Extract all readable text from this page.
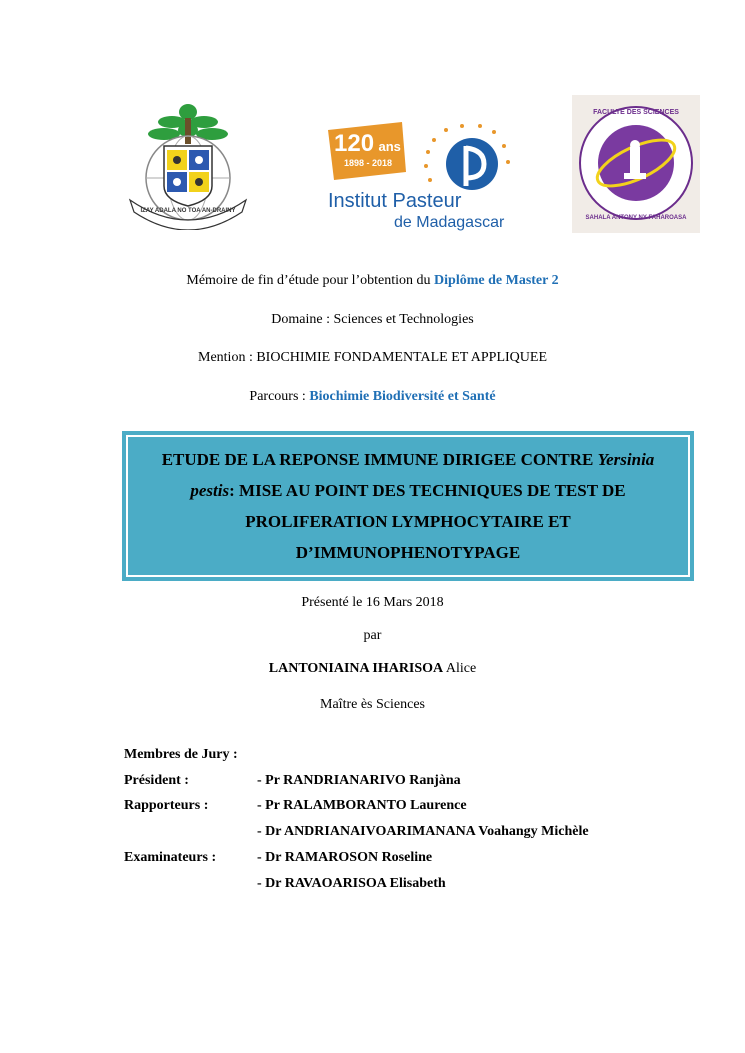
IZAY ADALA NO TOA AN-DRAINY
120 ans
1898 - 2018
Institut Pasteur
de Madagascar
FACULTE DES SCIENCES
SAHALA ANTONY NY FAHAROASA
Mémoire de fin d’étude pour l’obtention du Diplôme de Master 2
Domaine : Sciences et Technologies
Mention : BIOCHIMIE FONDAMENTALE ET APPLIQUEE
Parcours : Biochimie Biodiversité et Santé
ETUDE DE LA REPONSE IMMUNE DIRIGEE CONTRE Yersinia pestis: MISE AU POINT DES TECHNIQUES DE TEST DE PROLIFERATION LYMPHOCYTAIRE ET D’IMMUNOPHENOTYPAGE
Présenté le 16 Mars 2018
par
LANTONIAINA IHARISOA Alice
Maître ès Sciences
Membres de Jury :
Président :	- Pr RANDRIANARIVO Ranjàna
Rapporteurs :	- Pr RALAMBORANTO Laurence
- Dr ANDRIANAIVOARIMANANA Voahangy Michèle
Examinateurs :	- Dr RAMAROSON Roseline
- Dr RAVAOARISOA Elisabeth
